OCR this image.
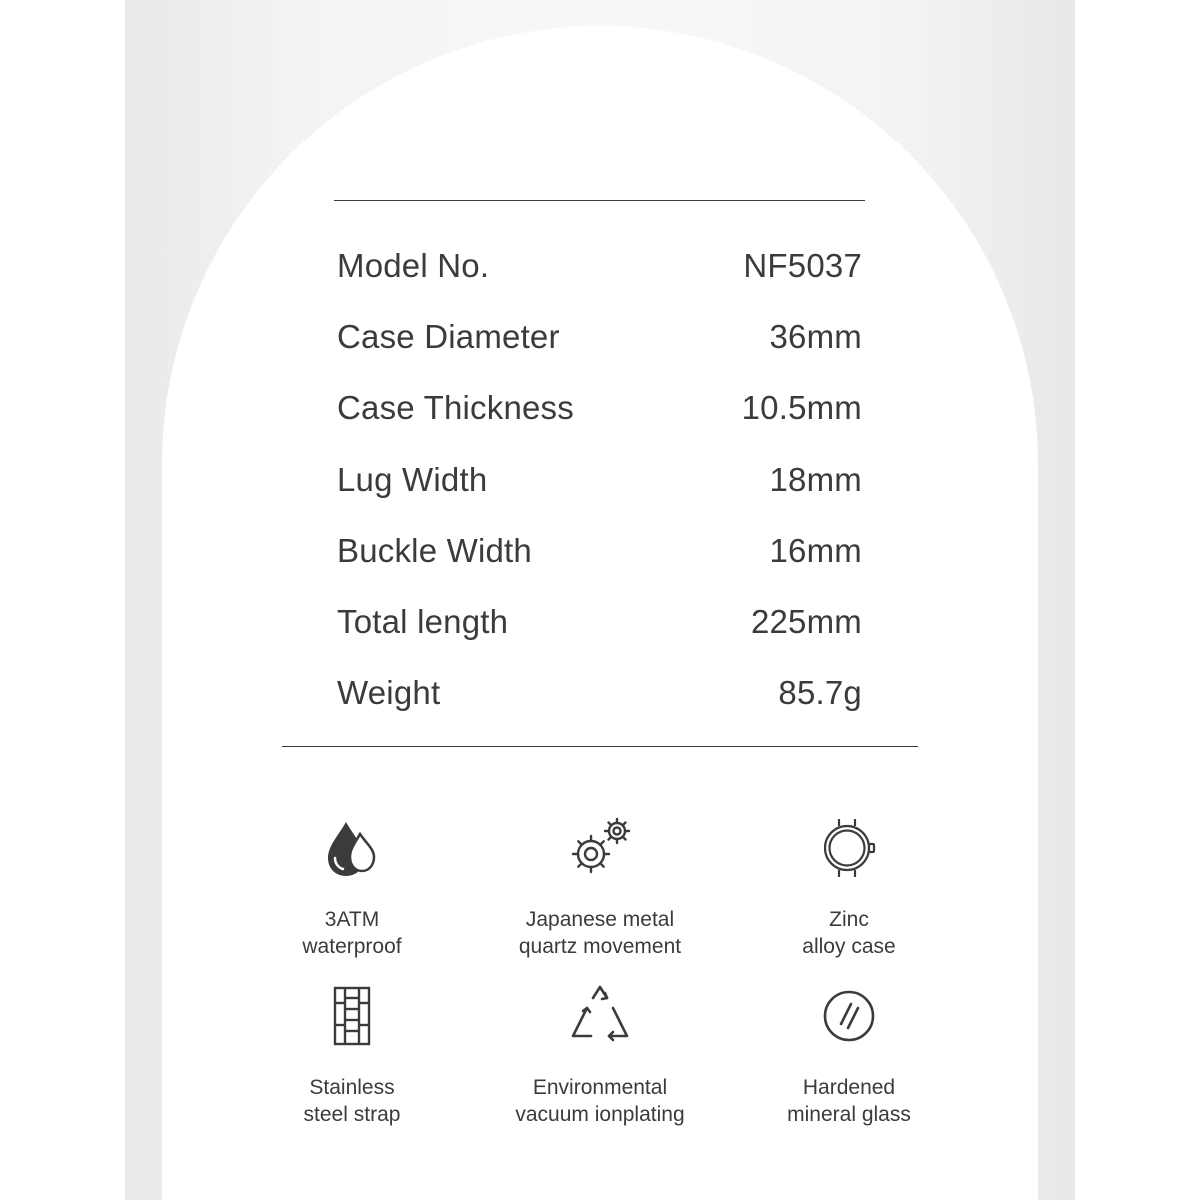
Model No.	NF5037
Case Diameter	36mm
Case Thickness	10.5mm
Lug Width	18mm
Buckle Width	16mm
Total length	225mm
Weight	85.7g
3ATM
waterproof
Japanese metal
quartz movement
Zinc
alloy case
Stainless
steel strap
Environmental
vacuum ionplating
Hardened
mineral glass
